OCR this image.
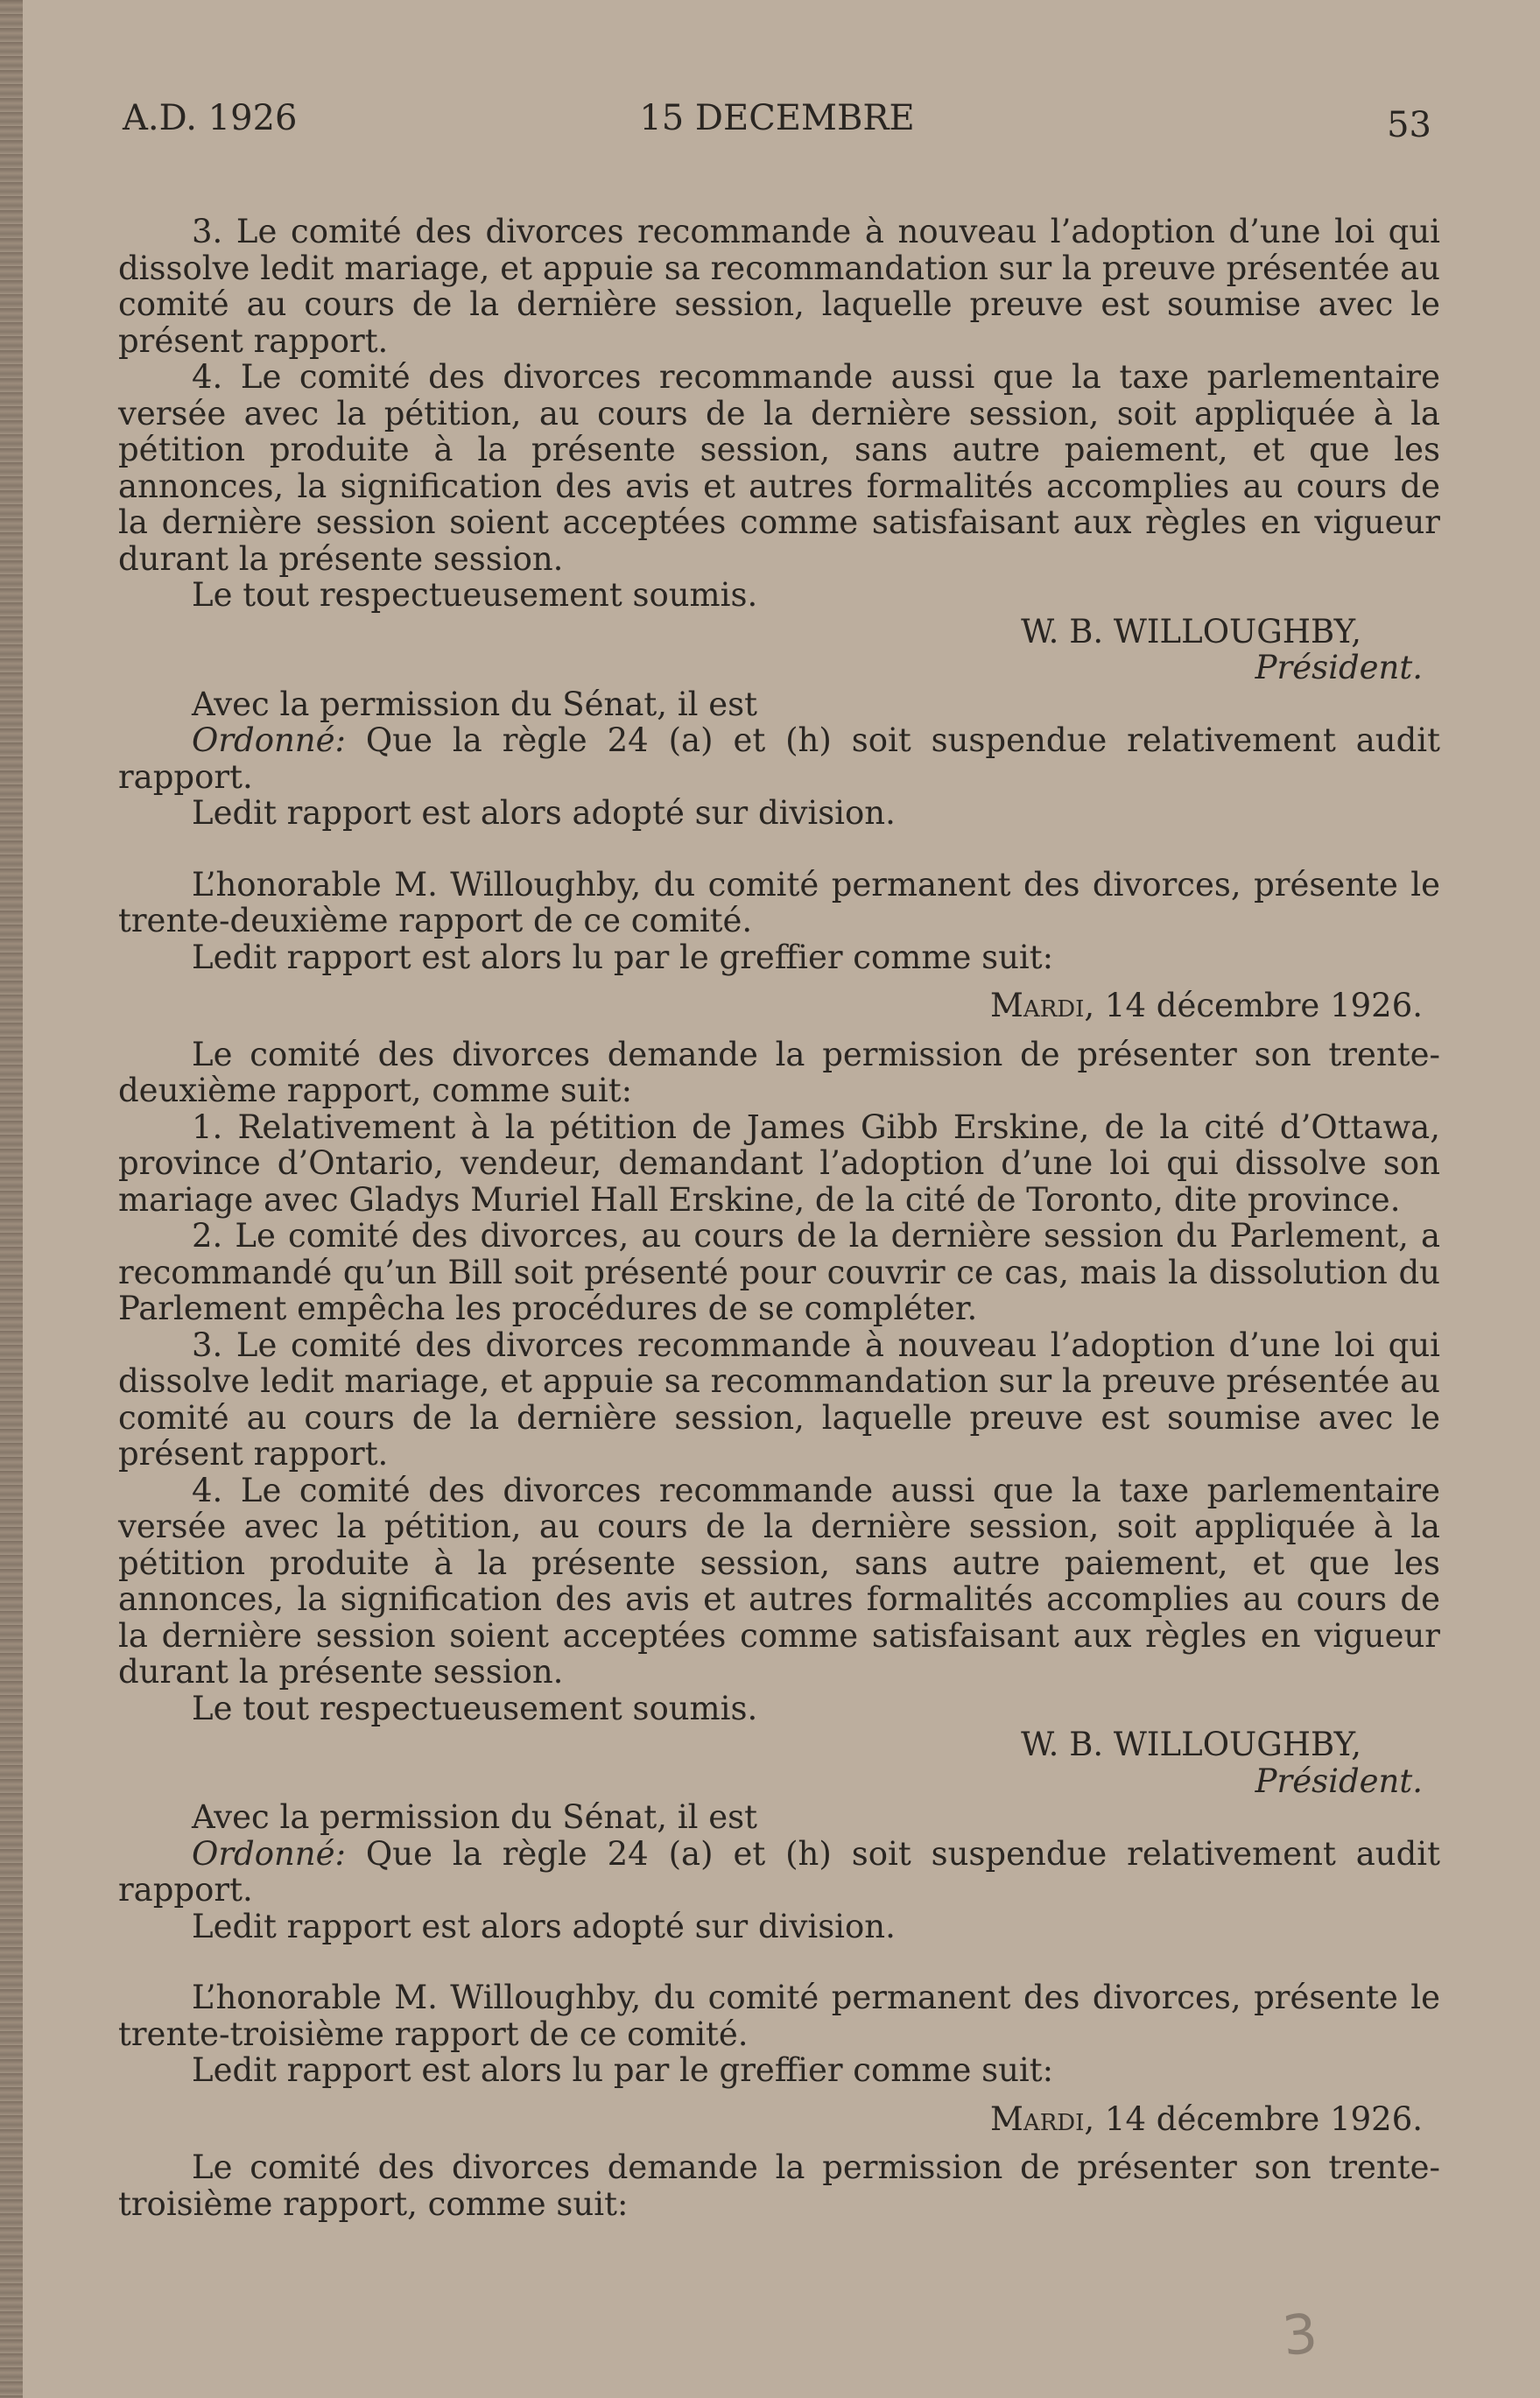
A.D. 1926	15 DECEMBRE	53

3. Le comité des divorces recommande à nouveau l’adoption d’une loi qui dissolve ledit mariage, et appuie sa recommandation sur la preuve présentée au comité au cours de la dernière session, laquelle preuve est soumise avec le présent rapport.

4. Le comité des divorces recommande aussi que la taxe parlementaire versée avec la pétition, au cours de la dernière session, soit appliquée à la pétition produite à la présente session, sans autre paiement, et que les annonces, la signification des avis et autres formalités accomplies au cours de la dernière session soient acceptées comme satisfaisant aux règles en vigueur durant la présente session.

Le tout respectueusement soumis.

W. B. WILLOUGHBY,

Président.

Avec la permission du Sénat, il est

Ordonné: Que la règle 24 (a) et (h) soit suspendue relativement audit rapport.

Ledit rapport est alors adopté sur division.

L’honorable M. Willoughby, du comité permanent des divorces, présente le trente-deuxième rapport de ce comité.

Ledit rapport est alors lu par le greffier comme suit:

Mardi, 14 décembre 1926.

Le comité des divorces demande la permission de présenter son trente-deuxième rapport, comme suit:

1. Relativement à la pétition de James Gibb Erskine, de la cité d’Ottawa, province d’Ontario, vendeur, demandant l’adoption d’une loi qui dissolve son mariage avec Gladys Muriel Hall Erskine, de la cité de Toronto, dite province.

2. Le comité des divorces, au cours de la dernière session du Parlement, a recommandé qu’un Bill soit présenté pour couvrir ce cas, mais la dissolution du Parlement empêcha les procédures de se compléter.

3. Le comité des divorces recommande à nouveau l’adoption d’une loi qui dissolve ledit mariage, et appuie sa recommandation sur la preuve présentée au comité au cours de la dernière session, laquelle preuve est soumise avec le présent rapport.

4. Le comité des divorces recommande aussi que la taxe parlementaire versée avec la pétition, au cours de la dernière session, soit appliquée à la pétition produite à la présente session, sans autre paiement, et que les annonces, la signification des avis et autres formalités accomplies au cours de la dernière session soient acceptées comme satisfaisant aux règles en vigueur durant la présente session.

Le tout respectueusement soumis.

W. B. WILLOUGHBY,

Président.

Avec la permission du Sénat, il est

Ordonné: Que la règle 24 (a) et (h) soit suspendue relativement audit rapport.

Ledit rapport est alors adopté sur division.

L’honorable M. Willoughby, du comité permanent des divorces, présente le trente-troisième rapport de ce comité.

Ledit rapport est alors lu par le greffier comme suit:

Mardi, 14 décembre 1926.

Le comité des divorces demande la permission de présenter son trente-troisième rapport, comme suit:

3
